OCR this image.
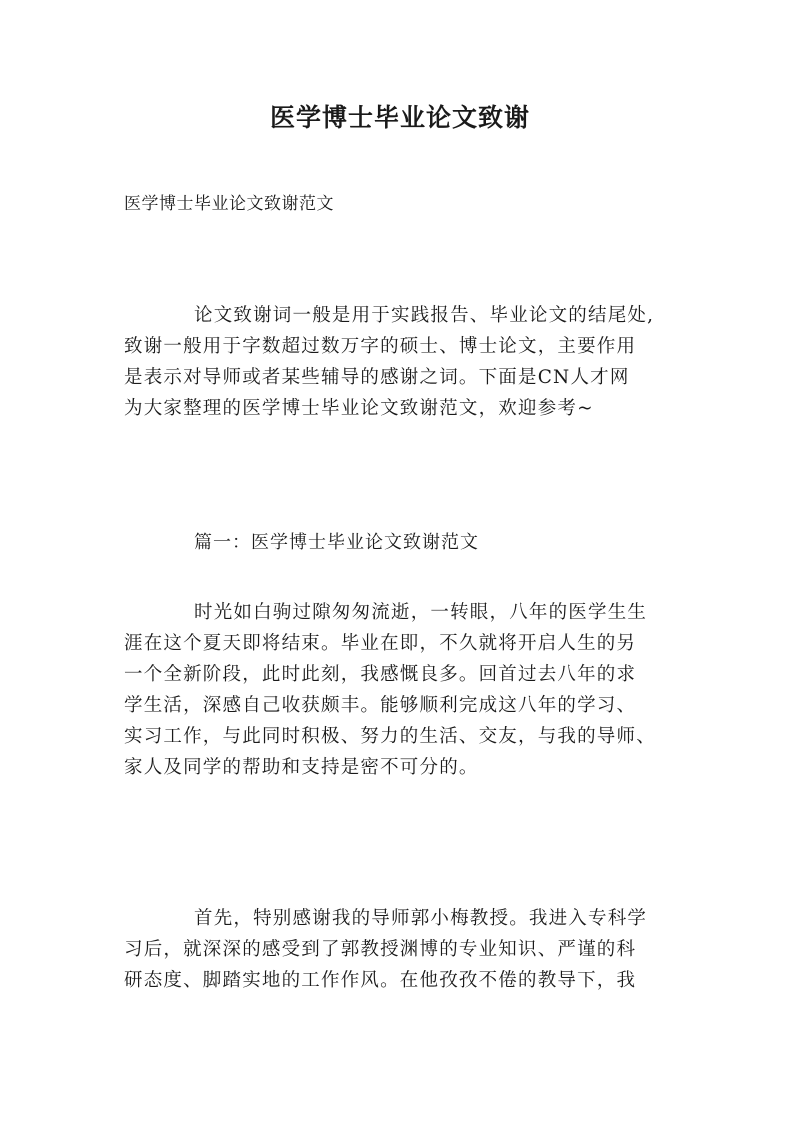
医学博士毕业论文致谢
医学博士毕业论文致谢范文

论文致谢词一般是用于实践报告、毕业论文的结尾处,
致谢一般用于字数超过数万字的硕士、博士论文，主要作用
是表示对导师或者某些辅导的感谢之词。下面是CN人才网
为大家整理的医学博士毕业论文致谢范文，欢迎参考~

篇一：医学博士毕业论文致谢范文

时光如白驹过隙匆匆流逝，一转眼，八年的医学生生
涯在这个夏天即将结束。毕业在即，不久就将开启人生的另
一个全新阶段，此时此刻，我感慨良多。回首过去八年的求
学生活，深感自己收获颇丰。能够顺利完成这八年的学习、
实习工作，与此同时积极、努力的生活、交友，与我的导师、
家人及同学的帮助和支持是密不可分的。

首先，特别感谢我的导师郭小梅教授。我进入专科学
习后，就深深的感受到了郭教授渊博的专业知识、严谨的科
研态度、脚踏实地的工作作风。在他孜孜不倦的教导下，我
